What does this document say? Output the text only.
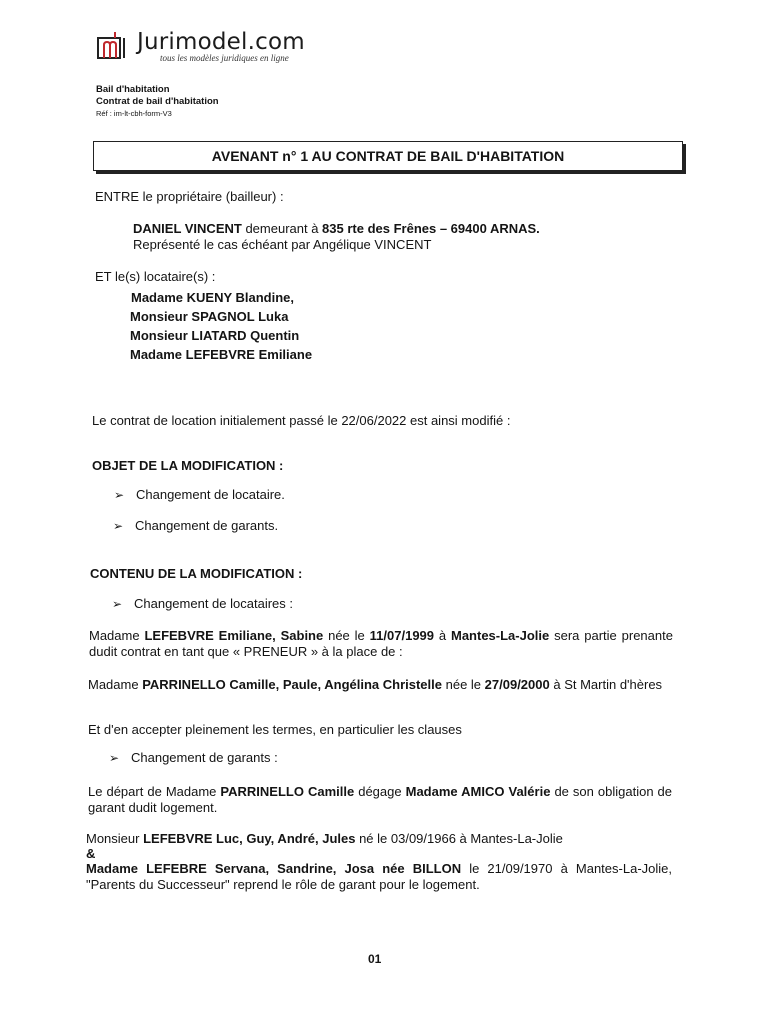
Jurimodel.com
tous les modèles juridiques en ligne
Bail d'habitation
Contrat de bail d'habitation
Réf : im-lt-cbh-form-V3
AVENANT n° 1 AU CONTRAT DE BAIL D'HABITATION
ENTRE le propriétaire (bailleur) :
DANIEL VINCENT demeurant à 835 rte des Frênes – 69400 ARNAS.
Représenté le cas échéant par Angélique VINCENT
ET le(s) locataire(s) :
Madame KUENY Blandine,
Monsieur SPAGNOL Luka
Monsieur LIATARD Quentin
Madame LEFEBVRE Emiliane
Le contrat de location initialement passé le 22/06/2022 est ainsi modifié :
OBJET DE LA MODIFICATION :
➢ Changement de locataire.
➢ Changement de garants.
CONTENU DE LA MODIFICATION :
➢ Changement de locataires :
Madame LEFEBVRE Emiliane, Sabine née le 11/07/1999 à Mantes-La-Jolie sera partie prenante dudit contrat en tant que « PRENEUR » à la place de :
Madame PARRINELLO Camille, Paule, Angélina Christelle née le 27/09/2000 à St Martin d'hères
Et d'en accepter pleinement les termes, en particulier les clauses
➢ Changement de garants :
Le départ de Madame PARRINELLO Camille dégage Madame AMICO Valérie de son obligation de garant dudit logement.
Monsieur LEFEBVRE Luc, Guy, André, Jules né le 03/09/1966 à Mantes-La-Jolie
&
Madame LEFEBRE Servana, Sandrine, Josa née BILLON le 21/09/1970 à Mantes-La-Jolie, "Parents du Successeur" reprend le rôle de garant pour le logement.
01
